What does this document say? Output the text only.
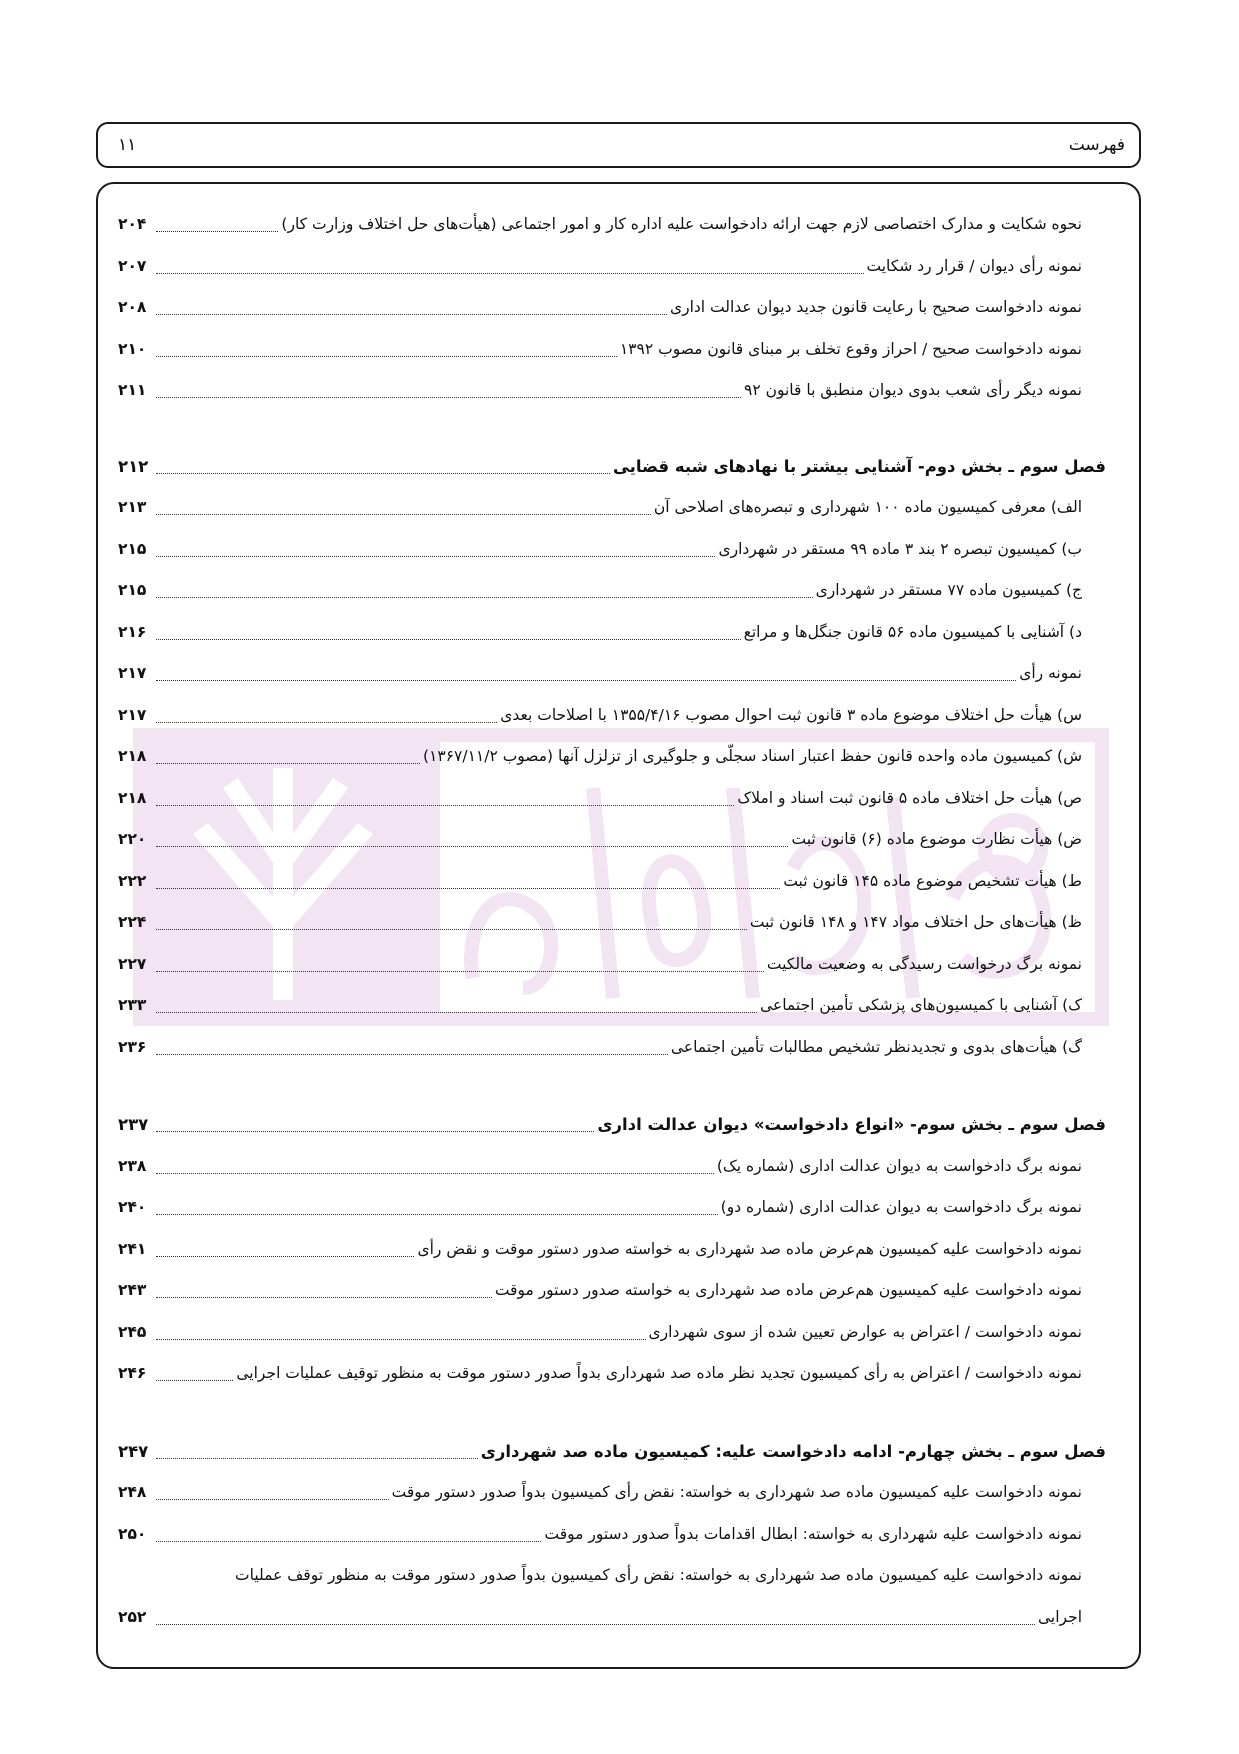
فهرست
۱۱
نحوه شکایت و مدارک اختصاصی لازم جهت ارائه دادخواست علیه اداره کار و امور اجتماعی (هیأت‌های حل اختلاف وزارت کار)
۲۰۴
نمونه رأی دیوان / قرار رد شکایت
۲۰۷
نمونه دادخواست صحیح با رعایت قانون جدید دیوان عدالت اداری
۲۰۸
نمونه دادخواست صحیح / احراز وقوع تخلف بر مبنای قانون مصوب ۱۳۹۲
۲۱۰
نمونه دیگر رأی شعب بدوی دیوان منطبق با قانون ۹۲
۲۱۱
فصل سوم ـ بخش دوم- آشنایی بیشتر با نهادهای شبه قضایی
۲۱۲
الف) معرفی کمیسیون ماده ۱۰۰ شهرداری و تبصره‌های اصلاحی آن
۲۱۳
ب) کمیسیون تبصره ۲ بند ۳ ماده ۹۹ مستقر در شهرداری
۲۱۵
ج) کمیسیون ماده ۷۷ مستقر در شهرداری
۲۱۵
د) آشنایی با کمیسیون ماده ۵۶ قانون جنگل‌ها و مراتع
۲۱۶
نمونه رأی
۲۱۷
س) هیأت حل اختلاف موضوع ماده ۳ قانون ثبت احوال مصوب ۱۳۵۵/۴/۱۶ با اصلاحات بعدی
۲۱۷
ش) کمیسیون ماده واحده قانون حفظ اعتبار اسناد سجلّی و جلوگیری از تزلزل آنها (مصوب ۱۳۶۷/۱۱/۲)
۲۱۸
ص) هیأت حل اختلاف ماده ۵ قانون ثبت اسناد و املاک
۲۱۸
ض) هیأت نظارت موضوع ماده (۶) قانون ثبت
۲۲۰
ط) هیأت تشخیص موضوع ماده ۱۴۵ قانون ثبت
۲۲۲
ظ) هیأت‌های حل اختلاف مواد ۱۴۷ و ۱۴۸ قانون ثبت
۲۲۴
نمونه برگ درخواست رسیدگی به وضعیت مالکیت
۲۲۷
ک) آشنایی با کمیسیون‌های پزشکی تأمین اجتماعی
۲۳۳
گ) هیأت‌های بدوی و تجدیدنظر تشخیص مطالبات تأمین اجتماعی
۲۳۶
فصل سوم ـ بخش سوم- «انواع دادخواست» دیوان عدالت اداری
۲۳۷
نمونه برگ دادخواست به دیوان عدالت اداری (شماره یک)
۲۳۸
نمونه برگ دادخواست به دیوان عدالت اداری (شماره دو)
۲۴۰
نمونه دادخواست علیه کمیسیون هم‌عرض ماده صد شهرداری به خواسته صدور دستور موقت و نقض رأی
۲۴۱
نمونه دادخواست علیه کمیسیون هم‌عرض ماده صد شهرداری به خواسته صدور دستور موقت
۲۴۳
نمونه دادخواست / اعتراض به عوارض تعیین شده از سوی شهرداری
۲۴۵
نمونه دادخواست / اعتراض به رأی کمیسیون تجدید نظر ماده صد شهرداری بدواً صدور دستور موقت به منظور توقیف عملیات اجرایی
۲۴۶
فصل سوم ـ بخش چهارم- ادامه دادخواست علیه: کمیسیون ماده صد شهرداری
۲۴۷
نمونه دادخواست علیه کمیسیون ماده صد شهرداری به خواسته: نقض رأی کمیسیون بدواً صدور دستور موقت
۲۴۸
نمونه دادخواست علیه شهرداری به خواسته: ابطال اقدامات بدواً صدور دستور موقت
۲۵۰
نمونه دادخواست علیه کمیسیون ماده صد شهرداری به خواسته: نقض رأی کمیسیون بدواً صدور دستور موقت به منظور توقف عملیات
اجرایی
۲۵۲
